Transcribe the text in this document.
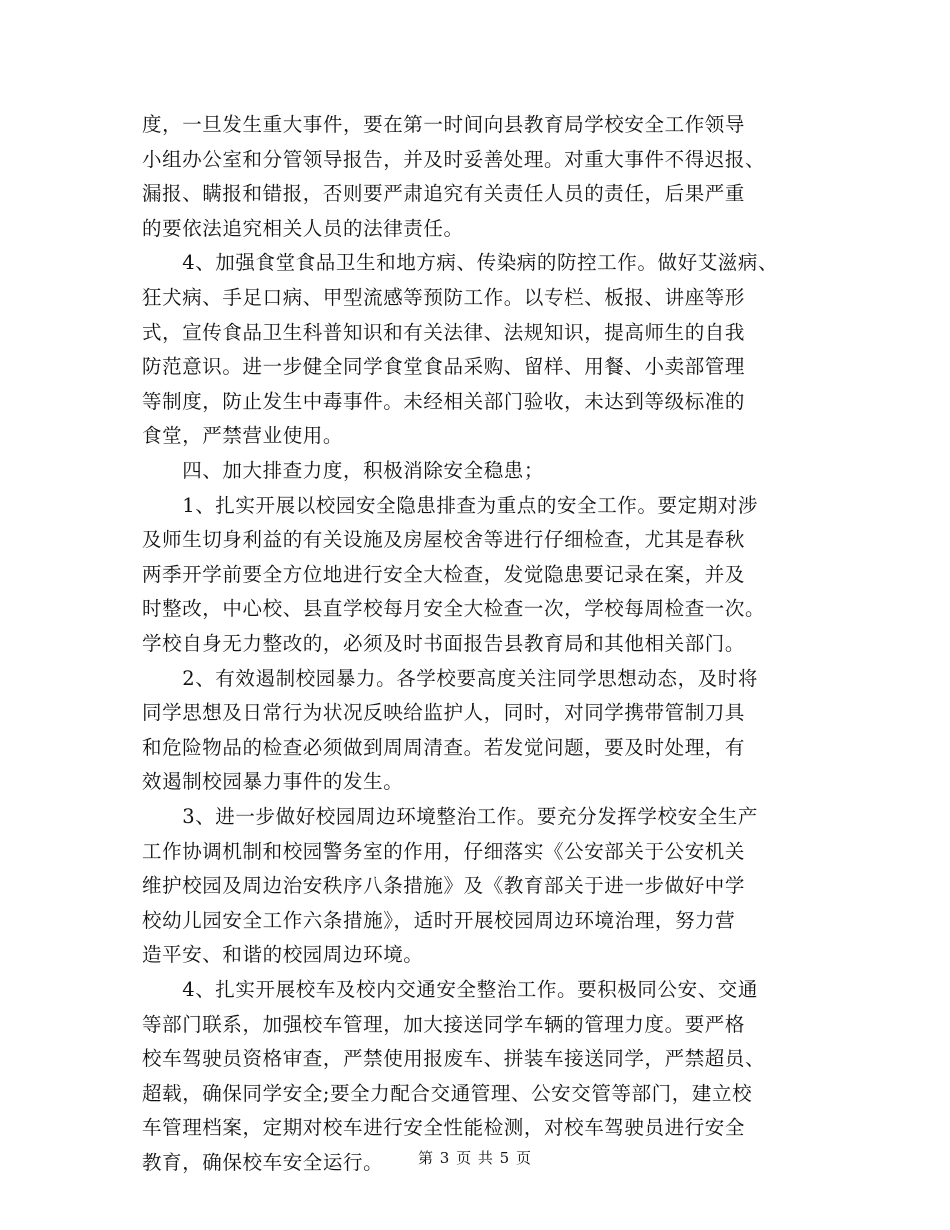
度，一旦发生重大事件，要在第一时间向县教育局学校安全工作领导
小组办公室和分管领导报告，并及时妥善处理。对重大事件不得迟报、
漏报、瞒报和错报，否则要严肃追究有关责任人员的责任，后果严重
的要依法追究相关人员的法律责任。
　　4、加强食堂食品卫生和地方病、传染病的防控工作。做好艾滋病、
狂犬病、手足口病、甲型流感等预防工作。以专栏、板报、讲座等形
式，宣传食品卫生科普知识和有关法律、法规知识，提高师生的自我
防范意识。进一步健全同学食堂食品采购、留样、用餐、小卖部管理
等制度，防止发生中毒事件。未经相关部门验收，未达到等级标准的
食堂，严禁营业使用。
　　四、加大排查力度，积极消除安全稳患；
　　1、扎实开展以校园安全隐患排查为重点的安全工作。要定期对涉
及师生切身利益的有关设施及房屋校舍等进行仔细检查，尤其是春秋
两季开学前要全方位地进行安全大检查，发觉隐患要记录在案，并及
时整改，中心校、县直学校每月安全大检查一次，学校每周检查一次。
学校自身无力整改的，必须及时书面报告县教育局和其他相关部门。
　　2、有效遏制校园暴力。各学校要高度关注同学思想动态，及时将
同学思想及日常行为状况反映给监护人，同时，对同学携带管制刀具
和危险物品的检查必须做到周周清查。若发觉问题，要及时处理，有
效遏制校园暴力事件的发生。
　　3、进一步做好校园周边环境整治工作。要充分发挥学校安全生产
工作协调机制和校园警务室的作用，仔细落实《公安部关于公安机关
维护校园及周边治安秩序八条措施》及《教育部关于进一步做好中学
校幼儿园安全工作六条措施》，适时开展校园周边环境治理，努力营
造平安、和谐的校园周边环境。
　　4、扎实开展校车及校内交通安全整治工作。要积极同公安、交通
等部门联系，加强校车管理，加大接送同学车辆的管理力度。要严格
校车驾驶员资格审查，严禁使用报废车、拼装车接送同学，严禁超员、
超载，确保同学安全;要全力配合交通管理、公安交管等部门，建立校
车管理档案，定期对校车进行安全性能检测，对校车驾驶员进行安全
教育，确保校车安全运行。	第 3 页 共 5 页
